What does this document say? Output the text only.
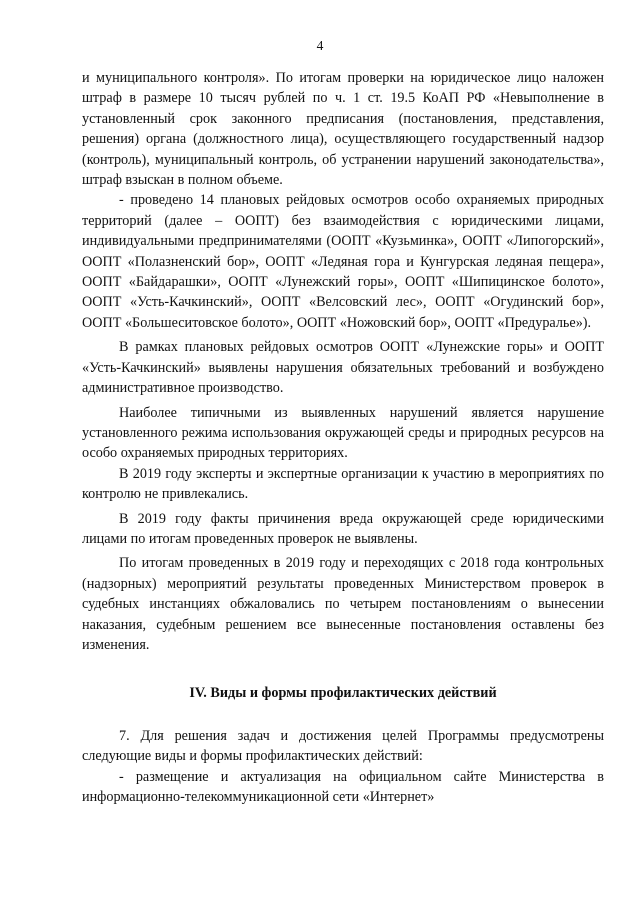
4

и муниципального контроля». По итогам проверки на юридическое лицо наложен штраф в размере 10 тысяч рублей по ч. 1 ст. 19.5 КоАП РФ «Невыполнение в установленный срок законного предписания (постановления, представления, решения) органа (должностного лица), осуществляющего государственный надзор (контроль), муниципальный контроль, об устранении нарушений законодательства», штраф взыскан в полном объеме.

- проведено 14 плановых рейдовых осмотров особо охраняемых природных территорий (далее – ООПТ) без взаимодействия с юридическими лицами, индивидуальными предпринимателями (ООПТ «Кузьминка», ООПТ «Липогорский», ООПТ «Полазненский бор», ООПТ «Ледяная гора и Кунгурская ледяная пещера», ООПТ «Байдарашки», ООПТ «Лунежский горы», ООПТ «Шипицинское болото», ООПТ «Усть-Качкинский», ООПТ «Велсовский лес», ООПТ «Огудинский бор», ООПТ «Большеситовское болото», ООПТ «Ножовский бор», ООПТ «Предуралье»).

В рамках плановых рейдовых осмотров ООПТ «Лунежские горы» и ООПТ «Усть-Качкинский» выявлены нарушения обязательных требований и возбуждено административное производство.

Наиболее типичными из выявленных нарушений является нарушение установленного режима использования окружающей среды и природных ресурсов на особо охраняемых природных территориях.

В 2019 году эксперты и экспертные организации к участию в мероприятиях по контролю не привлекались.

В 2019 году факты причинения вреда окружающей среде юридическими лицами по итогам проведенных проверок не выявлены.

По итогам проведенных в 2019 году и переходящих с 2018 года контрольных (надзорных) мероприятий результаты проведенных Министерством проверок в судебных инстанциях обжаловались по четырем постановлениям о вынесении наказания, судебным решением все вынесенные постановления оставлены без изменения.

IV. Виды и формы профилактических действий

7. Для решения задач и достижения целей Программы предусмотрены следующие виды и формы профилактических действий:

- размещение и актуализация на официальном сайте Министерства в информационно-телекоммуникационной сети «Интернет»
